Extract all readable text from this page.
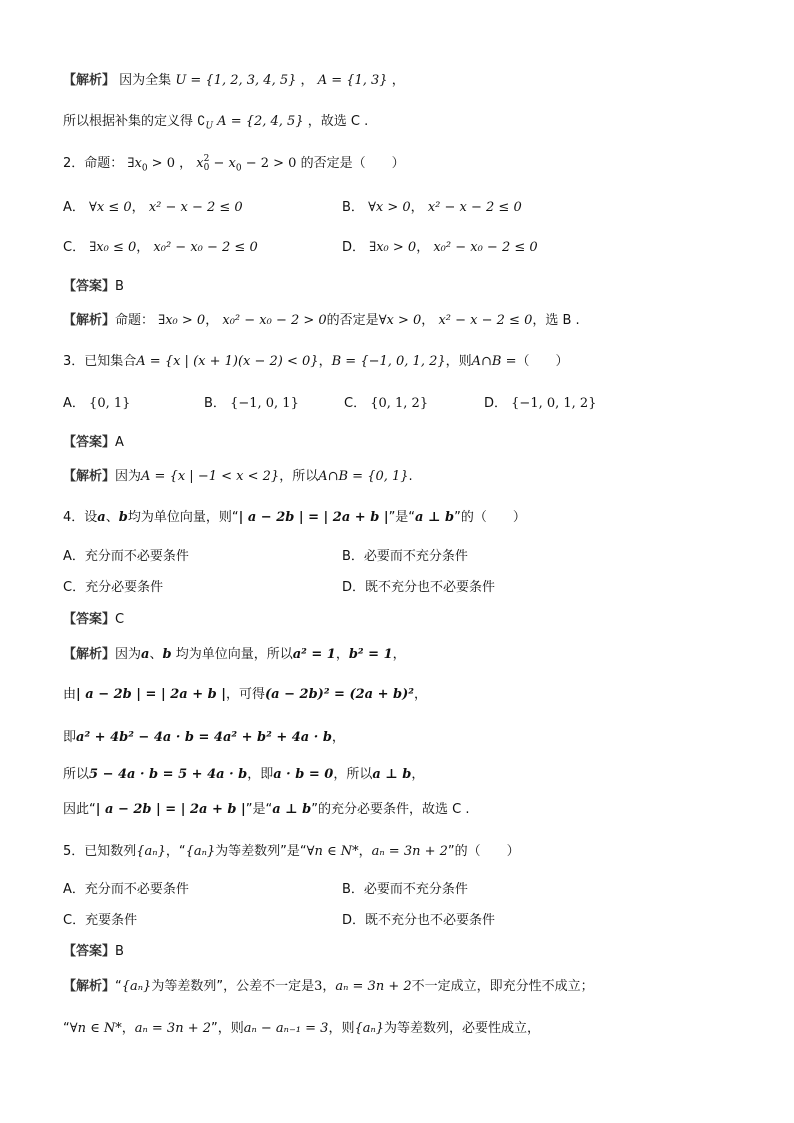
【解析】 因为全集 U = {1, 2, 3, 4, 5} ， A = {1, 3} ，
所以根据补集的定义得 $∁_U$ A = {2, 4, 5} ，故选 C .
2．命题： $\exists x_0 > 0$ ， x2
$0 - x_0 - 2 > 0$ 的否定是（　　）
A． ∀x ≤ 0， x² − x − 2 ≤ 0	B． ∀x > 0， x² − x − 2 ≤ 0
C． ∃x₀ ≤ 0， x₀² − x₀ − 2 ≤ 0	D． ∃x₀ > 0， x₀² − x₀ − 2 ≤ 0
【答案】B
【解析】命题： ∃x₀ > 0， x₀² − x₀ − 2 > 0的否定是∀x > 0， x² − x − 2 ≤ 0，选 B .
3．已知集合A = {x | (x + 1)(x − 2) < 0}，B = {−1, 0, 1, 2}，则A∩B =（　　）
A． {0, 1}	B． {−1, 0, 1}	C． {0, 1, 2}	D． {−1, 0, 1, 2}
【答案】A
【解析】因为A = {x | −1 < x < 2}，所以A∩B = {0, 1}.
4．设a、b均为单位向量，则“| a − 2b | = | 2a + b |”是“a ⊥ b”的（　　）
A．充分而不必要条件	B．必要而不充分条件
C．充分必要条件	D．既不充分也不必要条件
【答案】C
【解析】因为a、b 均为单位向量，所以a² = 1，b² = 1，
由| a − 2b | = | 2a + b |，可得(a − 2b)² = (2a + b)²，
即a² + 4b² − 4a · b = 4a² + b² + 4a · b，
所以5 − 4a · b = 5 + 4a · b，即a · b = 0，所以a ⊥ b，
因此“| a − 2b | = | 2a + b |”是“a ⊥ b”的充分必要条件，故选 C .
5．已知数列{aₙ}，“{aₙ}为等差数列”是“∀n ∈ N*，aₙ = 3n + 2”的（　　）
A．充分而不必要条件	B．必要而不充分条件
C．充要条件	D．既不充分也不必要条件
【答案】B
【解析】“{aₙ}为等差数列”，公差不一定是3，aₙ = 3n + 2不一定成立，即充分性不成立；
“∀n ∈ N*，aₙ = 3n + 2”，则aₙ − aₙ₋₁ = 3，则{aₙ}为等差数列，必要性成立，
